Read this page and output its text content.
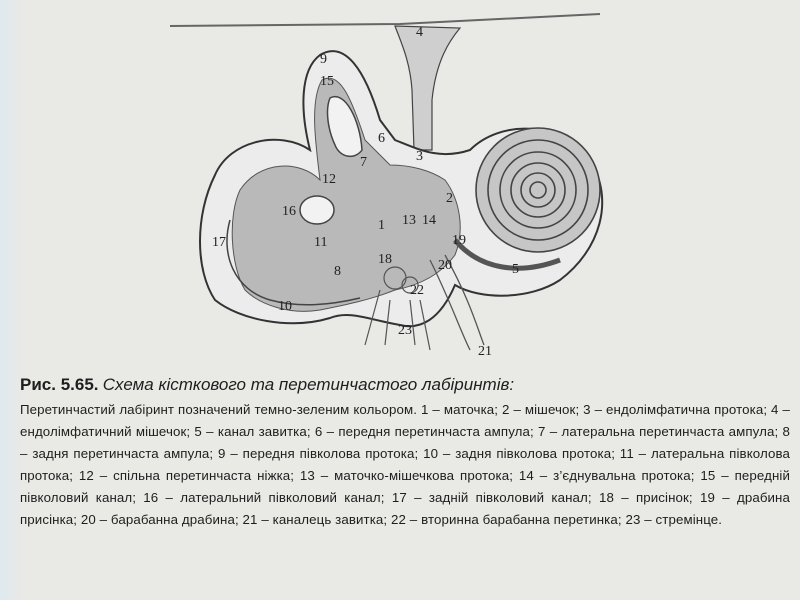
4
9
15
6
3
7
12
2
16
1 13 14
19
17	11
18	20	5
8
22
10
23
21
Рис. 5.65. Схема кісткового та перетинчастого лабіринтів:
Перетинчастий лабіринт позначений темно-зеленим кольором. 1 – маточка; 2 – мішечок; 3 – ендолімфатична протока; 4 – ендолімфатичний мішечок; 5 – канал завитка; 6 – передня перетинчаста ампула; 7 – латеральна перетинчаста ампула; 8 – задня перетинчаста ампула; 9 – передня півколова протока; 10 – задня півколова протока; 11 – латеральна півколова протока; 12 – спільна перетинчаста ніжка; 13 – маточко-мішечкова протока; 14 – з’єднувальна протока; 15 – передній півколовий канал; 16 – латеральний півколовий канал; 17 – задній півколовий канал; 18 – присінок; 19 – драбина присінка; 20 – барабанна драбина; 21 – каналець завитка; 22 – вторинна барабанна перетинка; 23 – стремінце.
